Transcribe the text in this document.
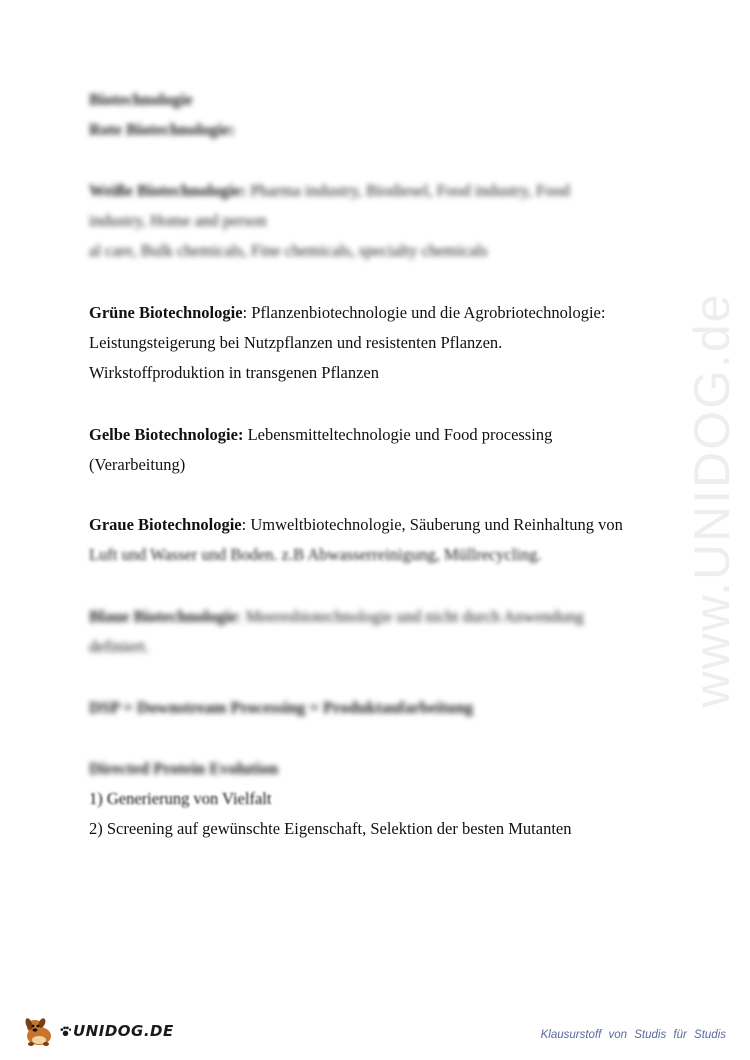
www.UNIDOG.de
Biotechnologie
Rote Biotechnologie:
Weiße Biotechnologie: Pharma industry, Biodiesel, Food industry, Food
industry, Home and person
al care, Bulk chemicals, Fine chemicals, specialty chemicals
Grüne Biotechnologie: Pflanzenbiotechnologie und die Agrobriotechnologie:
Leistungsteigerung bei Nutzpflanzen und resistenten Pflanzen.
Wirkstoffproduktion in transgenen Pflanzen
Gelbe Biotechnologie: Lebensmitteltechnologie und Food processing
(Verarbeitung)
Graue Biotechnologie: Umweltbiotechnologie, Säuberung und Reinhaltung von
Luft und Wasser und Boden. z.B Abwasserreinigung, Müllrecycling.
Blaue Biotechnologie: Meeresbiotechnologie und nicht durch Anwendung
definiert.
DSP = Downstream Processing = Produktaufarbeitung
Directed Protein Evolution
1) Generierung von Vielfalt
2) Screening auf gewünschte Eigenschaft, Selektion der besten Mutanten
UNIDOG.DE	Klausurstoff von Studis für Studis
